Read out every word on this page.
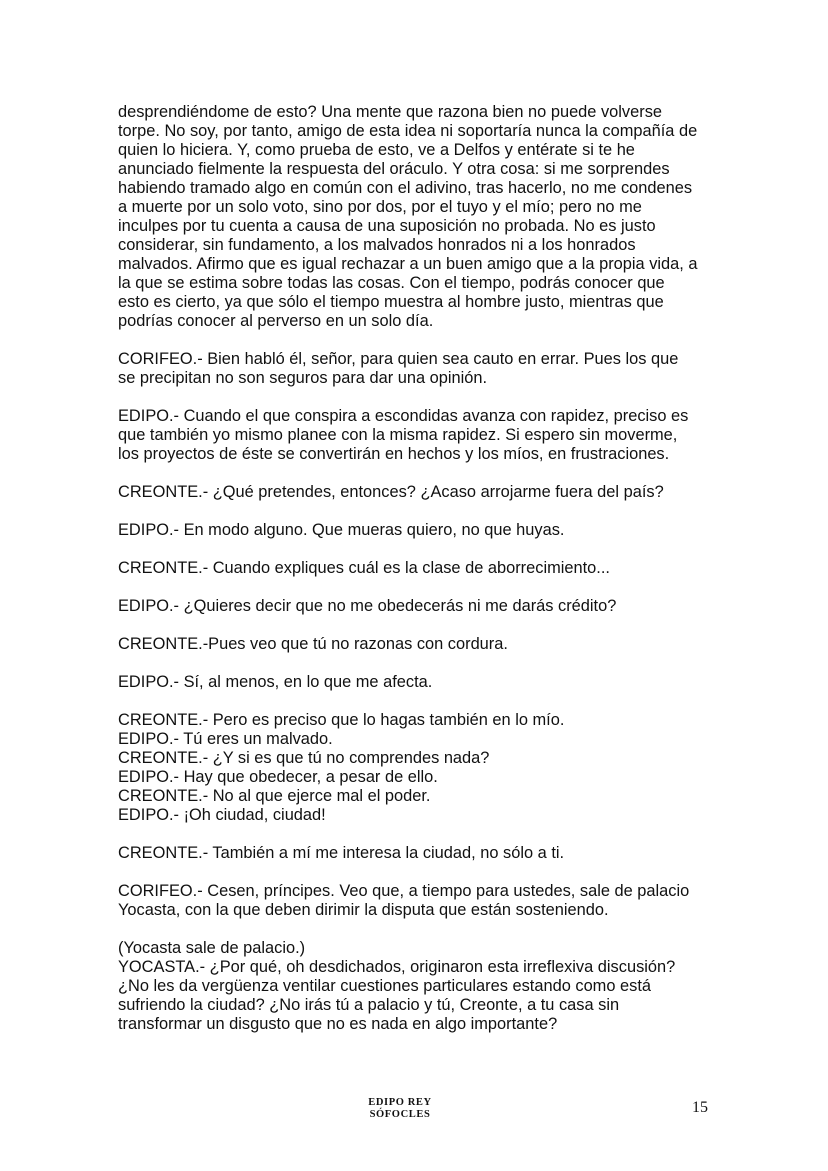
desprendiéndome de esto? Una mente que razona bien no puede volverse
torpe. No soy, por tanto, amigo de esta idea ni soportaría nunca la compañía de
quien lo hiciera. Y, como prueba de esto, ve a Delfos y entérate si te he
anunciado fielmente la respuesta del oráculo. Y otra cosa: si me sorprendes
habiendo tramado algo en común con el adivino, tras hacerlo, no me condenes
a muerte por un solo voto, sino por dos, por el tuyo y el mío; pero no me
inculpes por tu cuenta a causa de una suposición no probada. No es justo
considerar, sin fundamento, a los malvados honrados ni a los honrados
malvados. Afirmo que es igual rechazar a un buen amigo que a la propia vida, a
la que se estima sobre todas las cosas. Con el tiempo, podrás conocer que
esto es cierto, ya que sólo el tiempo muestra al hombre justo, mientras que
podrías conocer al perverso en un solo día.
CORIFEO.- Bien habló él, señor, para quien sea cauto en errar. Pues los que
se precipitan no son seguros para dar una opinión.
EDIPO.- Cuando el que conspira a escondidas avanza con rapidez, preciso es
que también yo mismo planee con la misma rapidez. Si espero sin moverme,
los proyectos de éste se convertirán en hechos y los míos, en frustraciones.
CREONTE.- ¿Qué pretendes, entonces? ¿Acaso arrojarme fuera del país?
EDIPO.- En modo alguno. Que mueras quiero, no que huyas.
CREONTE.- Cuando expliques cuál es la clase de aborrecimiento...
EDIPO.- ¿Quieres decir que no me obedecerás ni me darás crédito?
CREONTE.-Pues veo que tú no razonas con cordura.
EDIPO.- Sí, al menos, en lo que me afecta.
CREONTE.- Pero es preciso que lo hagas también en lo mío.
EDIPO.- Tú eres un malvado.
CREONTE.- ¿Y si es que tú no comprendes nada?
EDIPO.- Hay que obedecer, a pesar de ello.
CREONTE.- No al que ejerce mal el poder.
EDIPO.- ¡Oh ciudad, ciudad!
CREONTE.- También a mí me interesa la ciudad, no sólo a ti.
CORIFEO.- Cesen, príncipes. Veo que, a tiempo para ustedes, sale de palacio
Yocasta, con la que deben dirimir la disputa que están sosteniendo.
(Yocasta sale de palacio.)
YOCASTA.- ¿Por qué, oh desdichados, originaron esta irreflexiva discusión?
¿No les da vergüenza ventilar cuestiones particulares estando como está
sufriendo la ciudad? ¿No irás tú a palacio y tú, Creonte, a tu casa sin
transformar un disgusto que no es nada en algo importante?
EDIPO REY
SÓFOCLES	15
